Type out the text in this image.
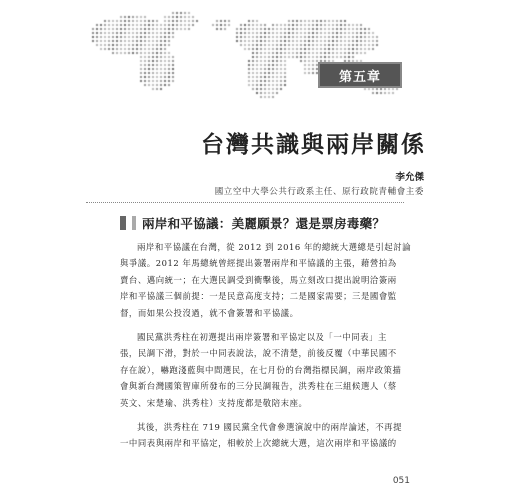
第五章
台灣共識與兩岸關係
李允傑
國立空中大學公共行政系主任、原行政院青輔會主委
兩岸和平協議：美麗願景？還是票房毒藥？

兩岸和平協議在台灣，從 2012 到 2016 年的總統大選總是引起討論
與爭議。2012 年馬總統曾經提出簽署兩岸和平協議的主張，藉營拍為
賣台、邁向統一；在大選民調受到衝擊後，馬立刻改口提出說明洽簽兩
岸和平協議三個前提：一是民意高度支持；二是國家需要；三是國會監
督，而如果公投沒過，就不會簽署和平協議。

國民黨洪秀柱在初選提出兩岸簽署和平協定以及「一中同表」主
張，民調下滑，對於一中同表說法，說不清楚，前後反覆（中華民國不
存在說），嚇跑淺藍與中間選民，在七月份的台灣指標民調，兩岸政策描
會與新台灣國策智庫所發布的三分民調報告，洪秀柱在三組候選人（蔡
英文、宋楚瑜、洪秀柱）支持度都是敬陪末座。

其後，洪秀柱在 719 國民黨全代會參選演說中的兩岸論述，不再提
一中同表與兩岸和平協定，相較於上次總統大選，這次兩岸和平協議的

051
